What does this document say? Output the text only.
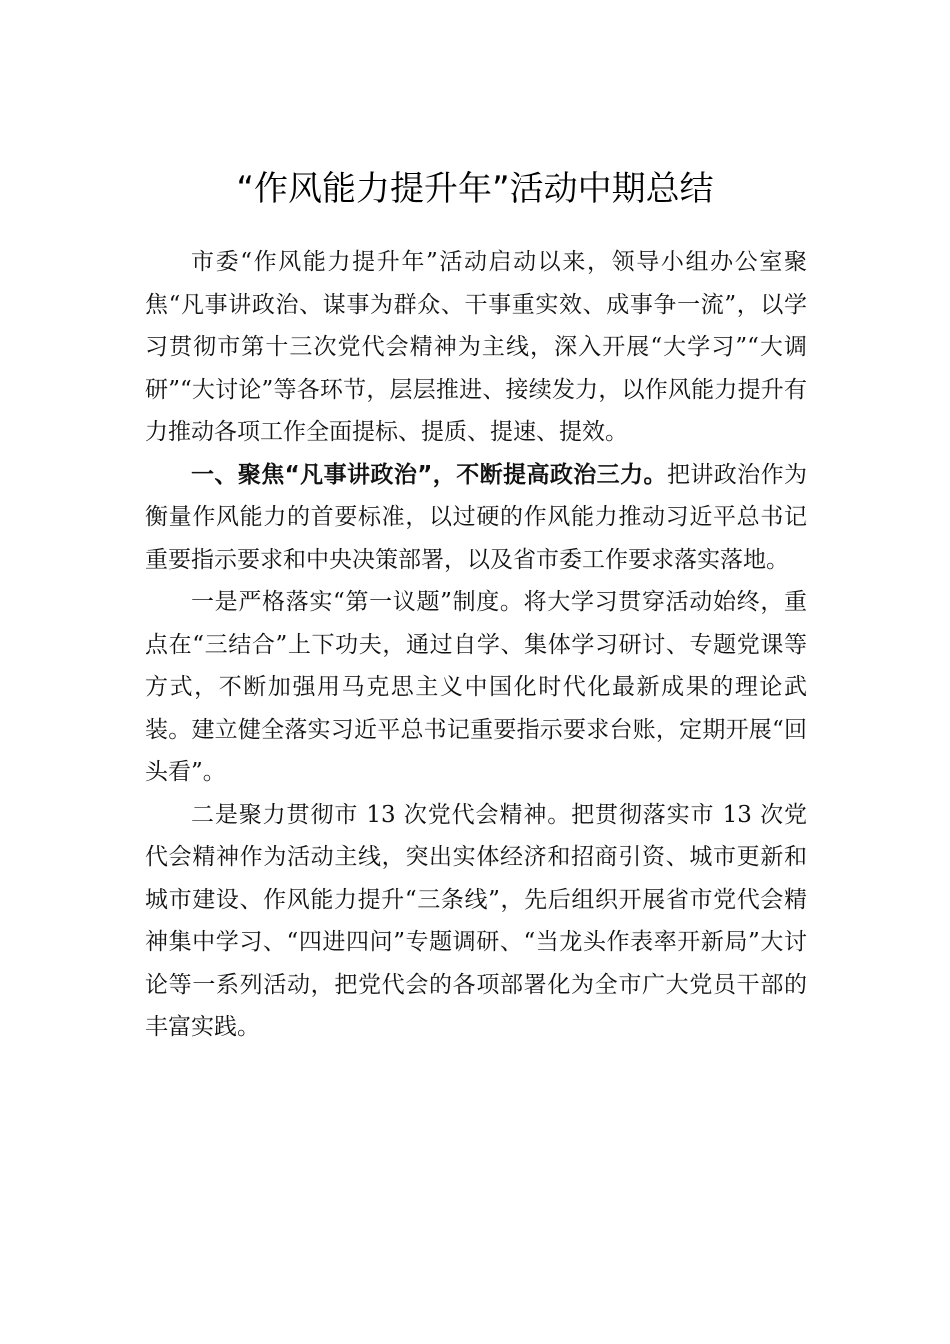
“作风能力提升年”活动中期总结

市委“作风能力提升年”活动启动以来，领导小组办公室聚焦“凡事讲政治、谋事为群众、干事重实效、成事争一流”，以学习贯彻市第十三次党代会精神为主线，深入开展“大学习”“大调研”“大讨论”等各环节，层层推进、接续发力，以作风能力提升有力推动各项工作全面提标、提质、提速、提效。

一、聚焦“凡事讲政治”，不断提高政治三力。把讲政治作为衡量作风能力的首要标准，以过硬的作风能力推动习近平总书记重要指示要求和中央决策部署，以及省市委工作要求落实落地。

一是严格落实“第一议题”制度。将大学习贯穿活动始终，重点在“三结合”上下功夫，通过自学、集体学习研讨、专题党课等方式，不断加强用马克思主义中国化时代化最新成果的理论武装。建立健全落实习近平总书记重要指示要求台账，定期开展“回头看”。

二是聚力贯彻市 13 次党代会精神。把贯彻落实市 13 次党代会精神作为活动主线，突出实体经济和招商引资、城市更新和城市建设、作风能力提升“三条线”，先后组织开展省市党代会精神集中学习、“四进四问”专题调研、“当龙头作表率开新局”大讨论等一系列活动，把党代会的各项部署化为全市广大党员干部的丰富实践。
